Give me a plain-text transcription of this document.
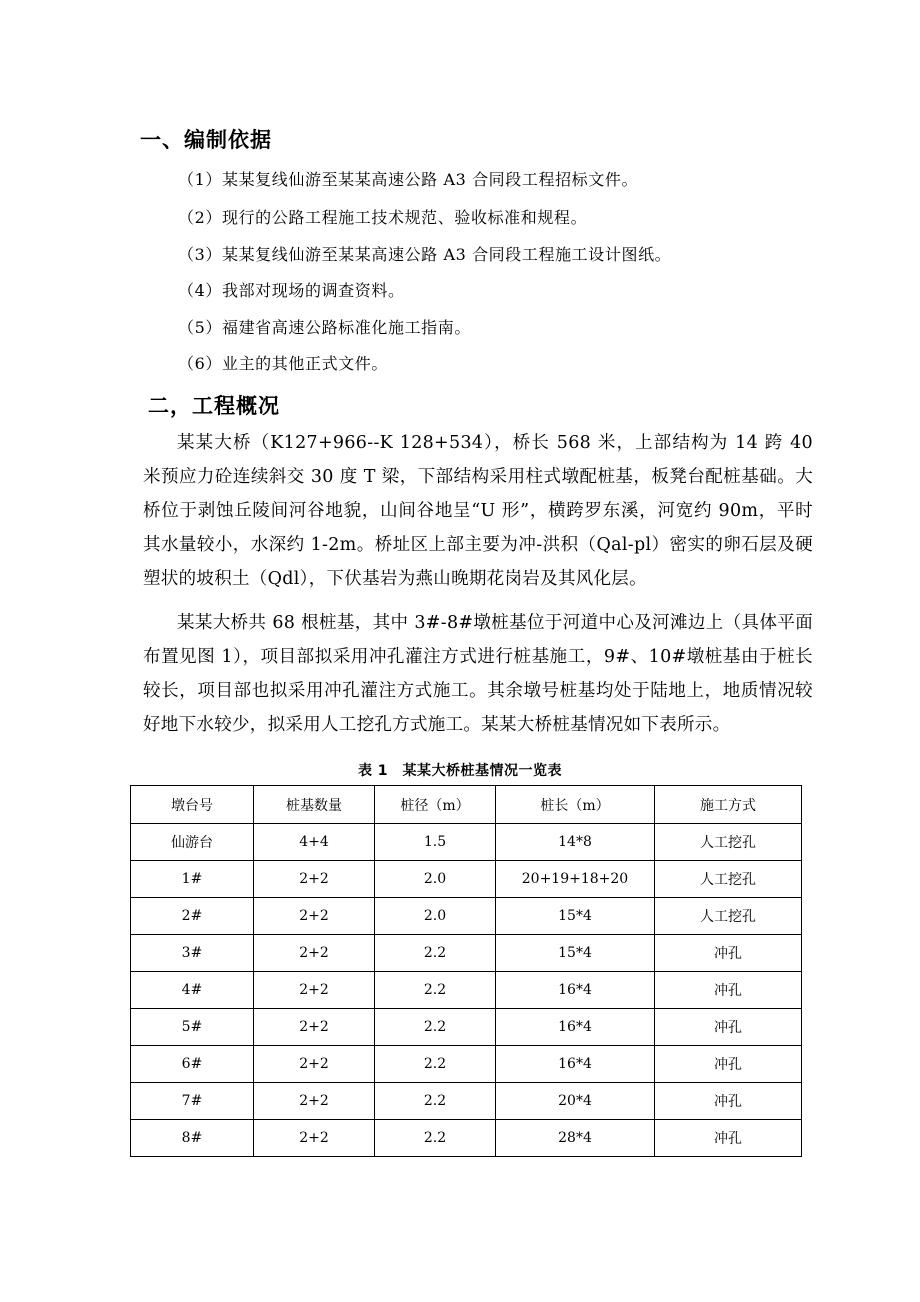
一、编制依据

（1）某某复线仙游至某某高速公路 A3 合同段工程招标文件。

（2）现行的公路工程施工技术规范、验收标准和规程。

（3）某某复线仙游至某某高速公路 A3 合同段工程施工设计图纸。

（4）我部对现场的调查资料。

（5）福建省高速公路标准化施工指南。

（6）业主的其他正式文件。

二，工程概况

某某大桥（K127+966--K 128+534），桥长 568 米，上部结构为 14 跨 40 米预应力砼连续斜交 30 度 T 梁，下部结构采用柱式墩配桩基，板凳台配桩基础。大桥位于剥蚀丘陵间河谷地貌，山间谷地呈“U 形”，横跨罗东溪，河宽约 90m，平时其水量较小，水深约 1-2m。桥址区上部主要为冲-洪积（Qal-pl）密实的卵石层及硬塑状的坡积土（Qdl），下伏基岩为燕山晚期花岗岩及其风化层。

某某大桥共 68 根桩基，其中 3#-8#墩桩基位于河道中心及河滩边上（具体平面布置见图 1），项目部拟采用冲孔灌注方式进行桩基施工，9#、10#墩桩基由于桩长较长，项目部也拟采用冲孔灌注方式施工。其余墩号桩基均处于陆地上，地质情况较好地下水较少，拟采用人工挖孔方式施工。某某大桥桩基情况如下表所示。

表 1　某某大桥桩基情况一览表

墩台号	桩基数量	桩径（m）	桩长（m）	施工方式
仙游台	4+4	1.5	14*8	人工挖孔
1#	2+2	2.0	20+19+18+20	人工挖孔
2#	2+2	2.0	15*4	人工挖孔
3#	2+2	2.2	15*4	冲孔
4#	2+2	2.2	16*4	冲孔
5#	2+2	2.2	16*4	冲孔
6#	2+2	2.2	16*4	冲孔
7#	2+2	2.2	20*4	冲孔
8#	2+2	2.2	28*4	冲孔
